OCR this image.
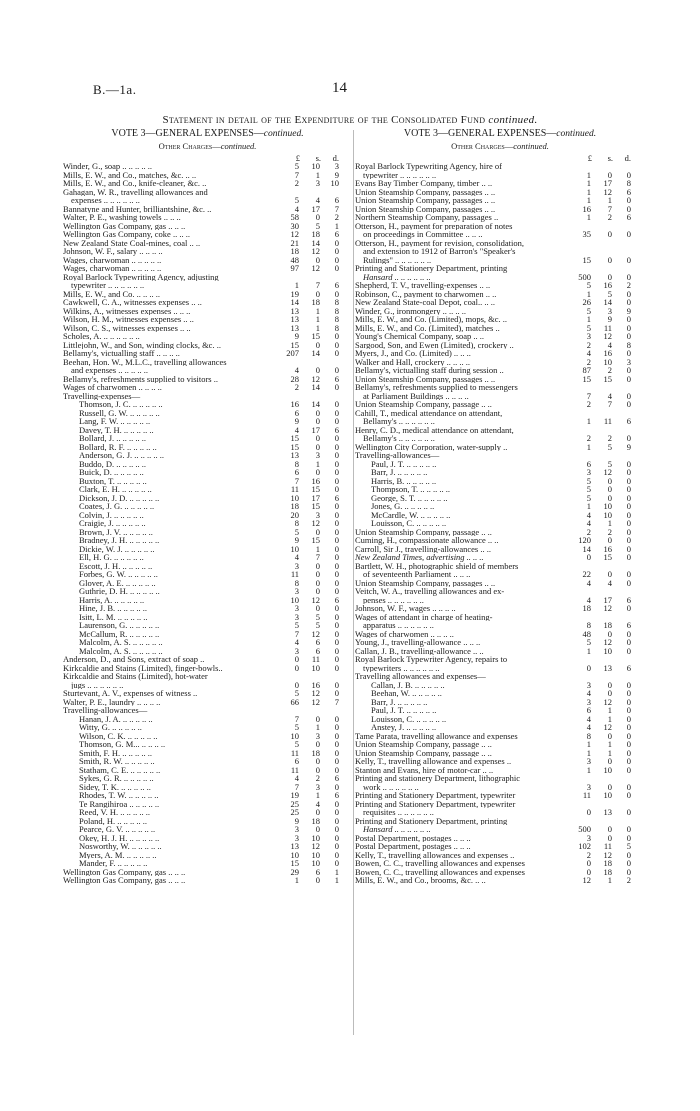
B.—1a.	14
Statement in detail of the Expenditure of the Consolidated Fund continued.
VOTE 3—GENERAL EXPENSES—continued.
Other Charges—continued.
£	s.	d.
Winder, G., soap .. .. .. .. ..	5	10	3
Mills, E. W., and Co., matches, &c. .. ..	7	1	9
Mills, E. W., and Co., knife-cleaner, &c. ..	2	3	10
Gahagan, W. R., travelling allowances and
expenses .. .. .. .. .. ..	5	4	6
Bannatyne and Hunter, brilliantshine, &c. ..	4	17	7
Walter, P. E., washing towels .. .. ..	58	0	2
Wellington Gas Company, gas .. .. ..	30	5	1
Wellington Gas Company, coke .. .. ..	12	18	6
New Zealand State Coal-mines, coal .. ..	21	14	0
Johnson, W. F., salary .. .. .. ..	18	12	0
Wages, charwoman .. .. .. .. ..	48	0	0
Wages, charwoman .. .. .. .. ..	97	12	0
Royal Barlock Typewriting Agency, adjusting
typewriter .. .. .. .. .. ..	1	7	6
Mills, E. W., and Co. .. .. .. ..	19	0	0
Cawkwell, C. A., witnesses expenses .. ..	14	18	8
Wilkins, A., witnesses expenses .. .. ..	13	1	8
Wilson, H. M., witnesses expenses .. ..	13	1	8
Wilson, C. S., witnesses expenses .. ..	13	1	8
Scholes, A. .. .. .. .. .. ..	9	15	0
Littlejohn, W., and Son, winding clocks, &c. ..	15	0	0
Bellamy's, victualling staff .. .. .. ..	207	14	0
Beehan, Hon. W., M.L.C., travelling allowances
and expenses .. .. .. .. ..	4	0	0
Bellamy's, refreshments supplied to visitors ..	28	12	6
Wages of charwomen .. .. .. ..	2	14	0
Travelling-expenses—
Thomson, J. C. .. .. .. .. ..	16	14	0
Russell, G. W. .. .. .. .. ..	6	0	0
Lang, F. W. .. .. .. .. ..	9	0	0
Davey, T. H. .. .. .. .. ..	4	17	6
Bollard, J. .. .. .. .. ..	15	0	0
Bollard, R. F. .. .. .. .. ..	15	0	0
Anderson, G. J. .. .. .. .. ..	13	3	0
Buddo, D. .. .. .. .. ..	8	1	0
Buick, D. .. .. .. .. ..	6	0	0
Buxton, T. .. .. .. .. ..	7	16	0
Clark, E. H. .. .. .. .. ..	11	15	0
Dickson, J. D. .. .. .. .. ..	10	17	6
Coates, J. G. .. .. .. .. ..	18	15	0
Colvin, J. .. .. .. .. ..	20	3	0
Craigie, J. .. .. .. .. ..	8	12	0
Brown, J. V. .. .. .. .. ..	5	0	0
Bradney, J. H. .. .. .. .. ..	9	15	0
Dickie, W. J. .. .. .. .. ..	10	1	0
Ell, H. G. .. .. .. .. ..	4	7	0
Escott, J. H. .. .. .. .. ..	3	0	0
Forbes, G. W. .. .. .. .. ..	11	0	0
Glover, A. E. .. .. .. .. ..	8	0	0
Guthrie, D. H. .. .. .. .. ..	3	0	0
Harris, A. .. .. .. .. ..	10	12	6
Hine, J. B. .. .. .. .. ..	3	0	0
Isitt, L. M. .. .. .. .. ..	3	5	0
Laurenson, G. .. .. .. .. ..	5	5	0
McCallum, R. .. .. .. .. ..	7	12	0
Malcolm, A. S. .. .. .. .. ..	4	6	0
Malcolm, A. S. .. .. .. .. ..	3	6	0
Anderson, D., and Sons, extract of soap ..	0	11	0
Kirkcaldie and Stains (Limited), finger-bowls..	0	10	0
Kirkcaldie and Stains (Limited), hot-water
jugs .. .. .. .. .. ..	0	16	0
Sturtevant, A. V., expenses of witness ..	5	12	0
Walter, P. E., laundry .. .. .. ..	66	12	7
Travelling-allowances—
Hanan, J. A. .. .. .. .. ..	7	0	0
Witty, G. .. .. .. .. ..	5	1	0
Wilson, C. K. .. .. .. .. ..	10	3	0
Thomson, G. M... .. .. .. ..	5	0	0
Smith, F. H. .. .. .. .. ..	11	18	0
Smith, R. W. .. .. .. .. ..	6	0	0
Statham, C. E. .. .. .. .. ..	11	0	0
Sykes, G. R. .. .. .. .. ..	4	2	6
Sidey, T. K. .. .. .. .. ..	7	3	0
Rhodes, T. W. .. .. .. .. ..	19	1	6
Te Rangihiroa .. .. .. .. ..	25	4	0
Reed, V. H. .. .. .. .. ..	25	0	0
Poland, H. .. .. .. .. ..	9	18	0
Pearce, G. V. .. .. .. .. ..	3	0	0
Okey, H. J. H. .. .. .. .. ..	3	10	0
Nosworthy, W. .. .. .. .. ..	13	12	0
Myers, A. M. .. .. .. .. ..	10	10	0
Mander, F. .. .. .. .. ..	15	10	0
Wellington Gas Company, gas .. .. ..	29	6	1
Wellington Gas Company, gas .. .. ..	1	0	1
VOTE 3—GENERAL EXPENSES—continued.
Other Charges—continued.
£	s.	d.
Royal Barlock Typewriting Agency, hire of
typewriter .. .. .. .. .. ..	1	0	0
Evans Bay Timber Company, timber .. ..	1	17	8
Union Steamship Company, passages .. ..	1	12	6
Union Steamship Company, passages .. ..	1	1	0
Union Steamship Company, passages .. ..	16	7	0
Northern Steamship Company, passages ..	1	2	6
Otterson, H., payment for preparation of notes
on proceedings in Committee .. .. ..	35	0	0
Otterson, H., payment for revision, consolidation,
and extension to 1912 of Barron's "Speaker's
Rulings" .. .. .. .. .. ..	15	0	0
Printing and Stationery Department, printing
Hansard .. .. .. .. .. ..	500	0	0
Shepherd, T. V., travelling-expenses .. ..	5	16	2
Robinson, C., payment to charwomen .. ..	1	5	0
New Zealand State-coal Depot, coal.. .. ..	26	14	0
Winder, G., ironmongery .. .. .. ..	5	3	9
Mills, E. W., and Co. (Limited), mops, &c. ..	1	9	0
Mills, E. W., and Co. (Limited), matches ..	5	11	0
Young's Chemical Company, soap .. ..	3	12	0
Sargood, Son, and Ewen (Limited), crockery ..	2	4	8
Myers, J., and Co. (Limited) .. .. ..	4	16	0
Walker and Hall, crockery .. .. .. ..	2	10	3
Bellamy's, victualling staff during session ..	87	2	0
Union Steamship Company, passages .. ..	15	15	0
Bellamy's, refreshments supplied to messengers
at Parliament Buildings .. .. .. ..	7	4	0
Union Steamship Company, passage .. ..	2	7	0
Cahill, T., medical attendance on attendant,
Bellamy's .. .. .. .. .. ..	1	11	6
Henry, C. D., medical attendance on attendant,
Bellamy's .. .. .. .. .. ..	2	2	0
Wellington City Corporation, water-supply ..	1	5	9
Travelling-allowances—
Paul, J. T. .. .. .. .. ..	6	5	0
Barr, J. .. .. .. .. ..	3	12	0
Harris, B. .. .. .. .. ..	5	0	0
Thompson, T. .. .. .. .. ..	5	0	0
George, S. T. .. .. .. .. ..	5	0	0
Jones, G. .. .. .. .. ..	1	10	0
McCardle, W. .. .. .. .. ..	4	10	0
Louisson, C. .. .. .. .. ..	4	1	0
Union Steamship Company, passage .. ..	2	2	0
Cuming, H., compassionate allowance .. ..	120	0	0
Carroll, Sir J., travelling-allowances .. ..	14	16	0
New Zealand Times, advertising .. .. ..	0	15	0
Bartlett, W. H., photographic shield of members
of seventeenth Parliament .. .. ..	22	0	0
Union Steamship Company, passages .. ..	4	4	0
Veitch, W. A., travelling allowances and ex-
penses .. .. .. .. .. ..	4	17	6
Johnson, W. F., wages .. .. .. ..	18	12	0
Wages of attendant in charge of heating-
apparatus .. .. .. .. .. ..	8	18	6
Wages of charwomen .. .. .. ..	48	0	0
Young, J., travelling-allowance .. .. ..	5	12	0
Callan, J. B., travelling-allowance .. ..	1	10	0
Royal Barlock Typewriter Agency, repairs to
typewriters .. .. .. .. .. ..	0	13	6
Travelling allowances and expenses—
Callan, J. B. .. .. .. .. ..	3	0	0
Beehan, W. .. .. .. .. ..	4	0	0
Barr, J. .. .. .. .. ..	3	12	0
Paul, J. T. .. .. .. .. ..	6	1	0
Louisson, C. .. .. .. .. ..	4	1	0
Anstey, J. .. .. .. .. ..	4	12	0
Tame Parata, travelling allowance and expenses	8	0	0
Union Steamship Company, passage .. ..	1	1	0
Union Steamship Company, passage .. ..	1	1	0
Kelly, T., travelling allowance and expenses ..	3	0	0
Stanton and Evans, hire of motor-car .. ..	1	10	0
Printing and stationery Department, lithographic
work .. .. .. .. .. ..	3	0	0
Printing and Stationery Department, typewriter	11	10	0
Printing and Stationery Department, typewriter
requisites .. .. .. .. .. ..	0	13	0
Printing and Stationery Department, printing
Hansard .. .. .. .. .. ..	500	0	0
Postal Department, postages .. .. ..	3	0	0
Postal Department, postages .. .. ..	102	11	5
Kelly, T., travelling allowances and expenses ..	2	12	0
Bowen, C. C., travelling allowances and expenses	0	18	0
Bowen, C. C., travelling allowances and expenses	0	18	0
Mills, E. W., and Co., brooms, &c. .. ..	12	1	2
